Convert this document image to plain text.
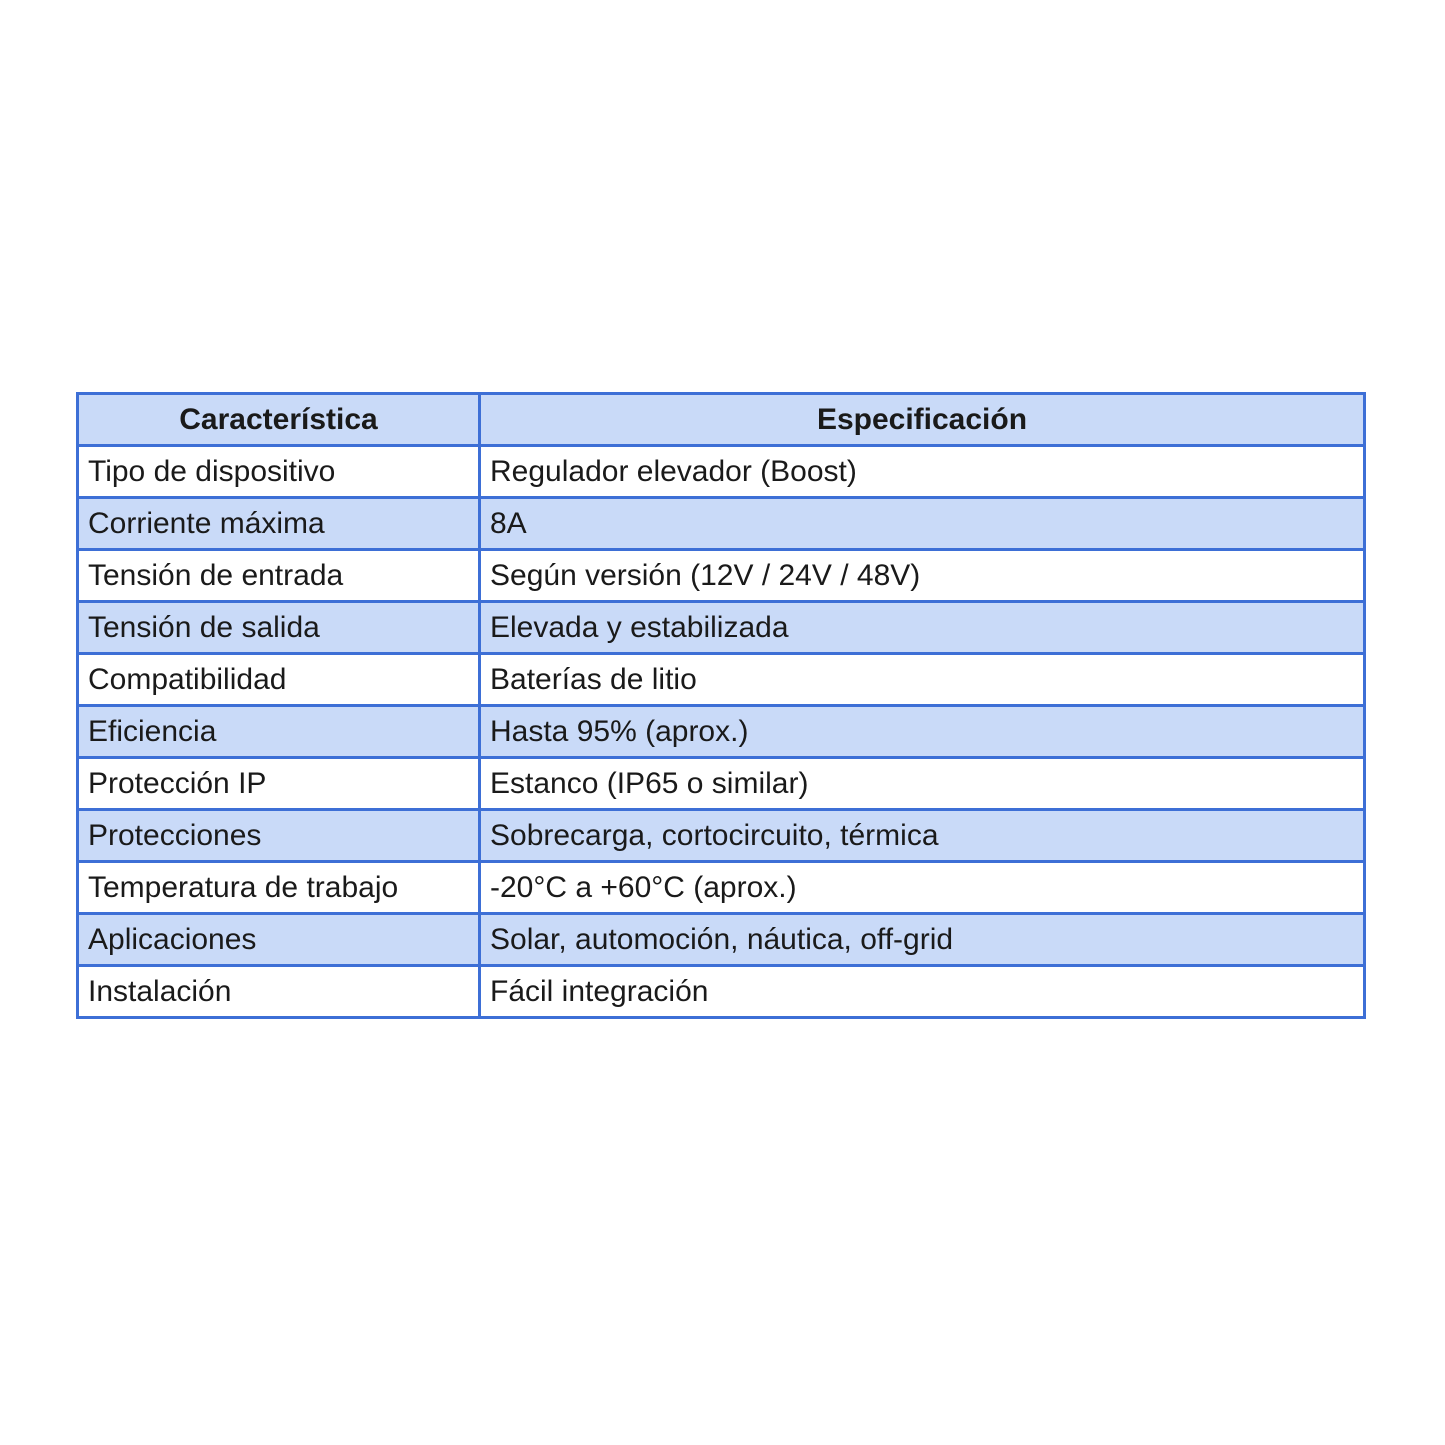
Característica	Especificación
Tipo de dispositivo	Regulador elevador (Boost)
Corriente máxima	8A
Tensión de entrada	Según versión (12V / 24V / 48V)
Tensión de salida	Elevada y estabilizada
Compatibilidad	Baterías de litio
Eficiencia	Hasta 95% (aprox.)
Protección IP	Estanco (IP65 o similar)
Protecciones	Sobrecarga, cortocircuito, térmica
Temperatura de trabajo	-20°C a +60°C (aprox.)
Aplicaciones	Solar, automoción, náutica, off-grid
Instalación	Fácil integración
